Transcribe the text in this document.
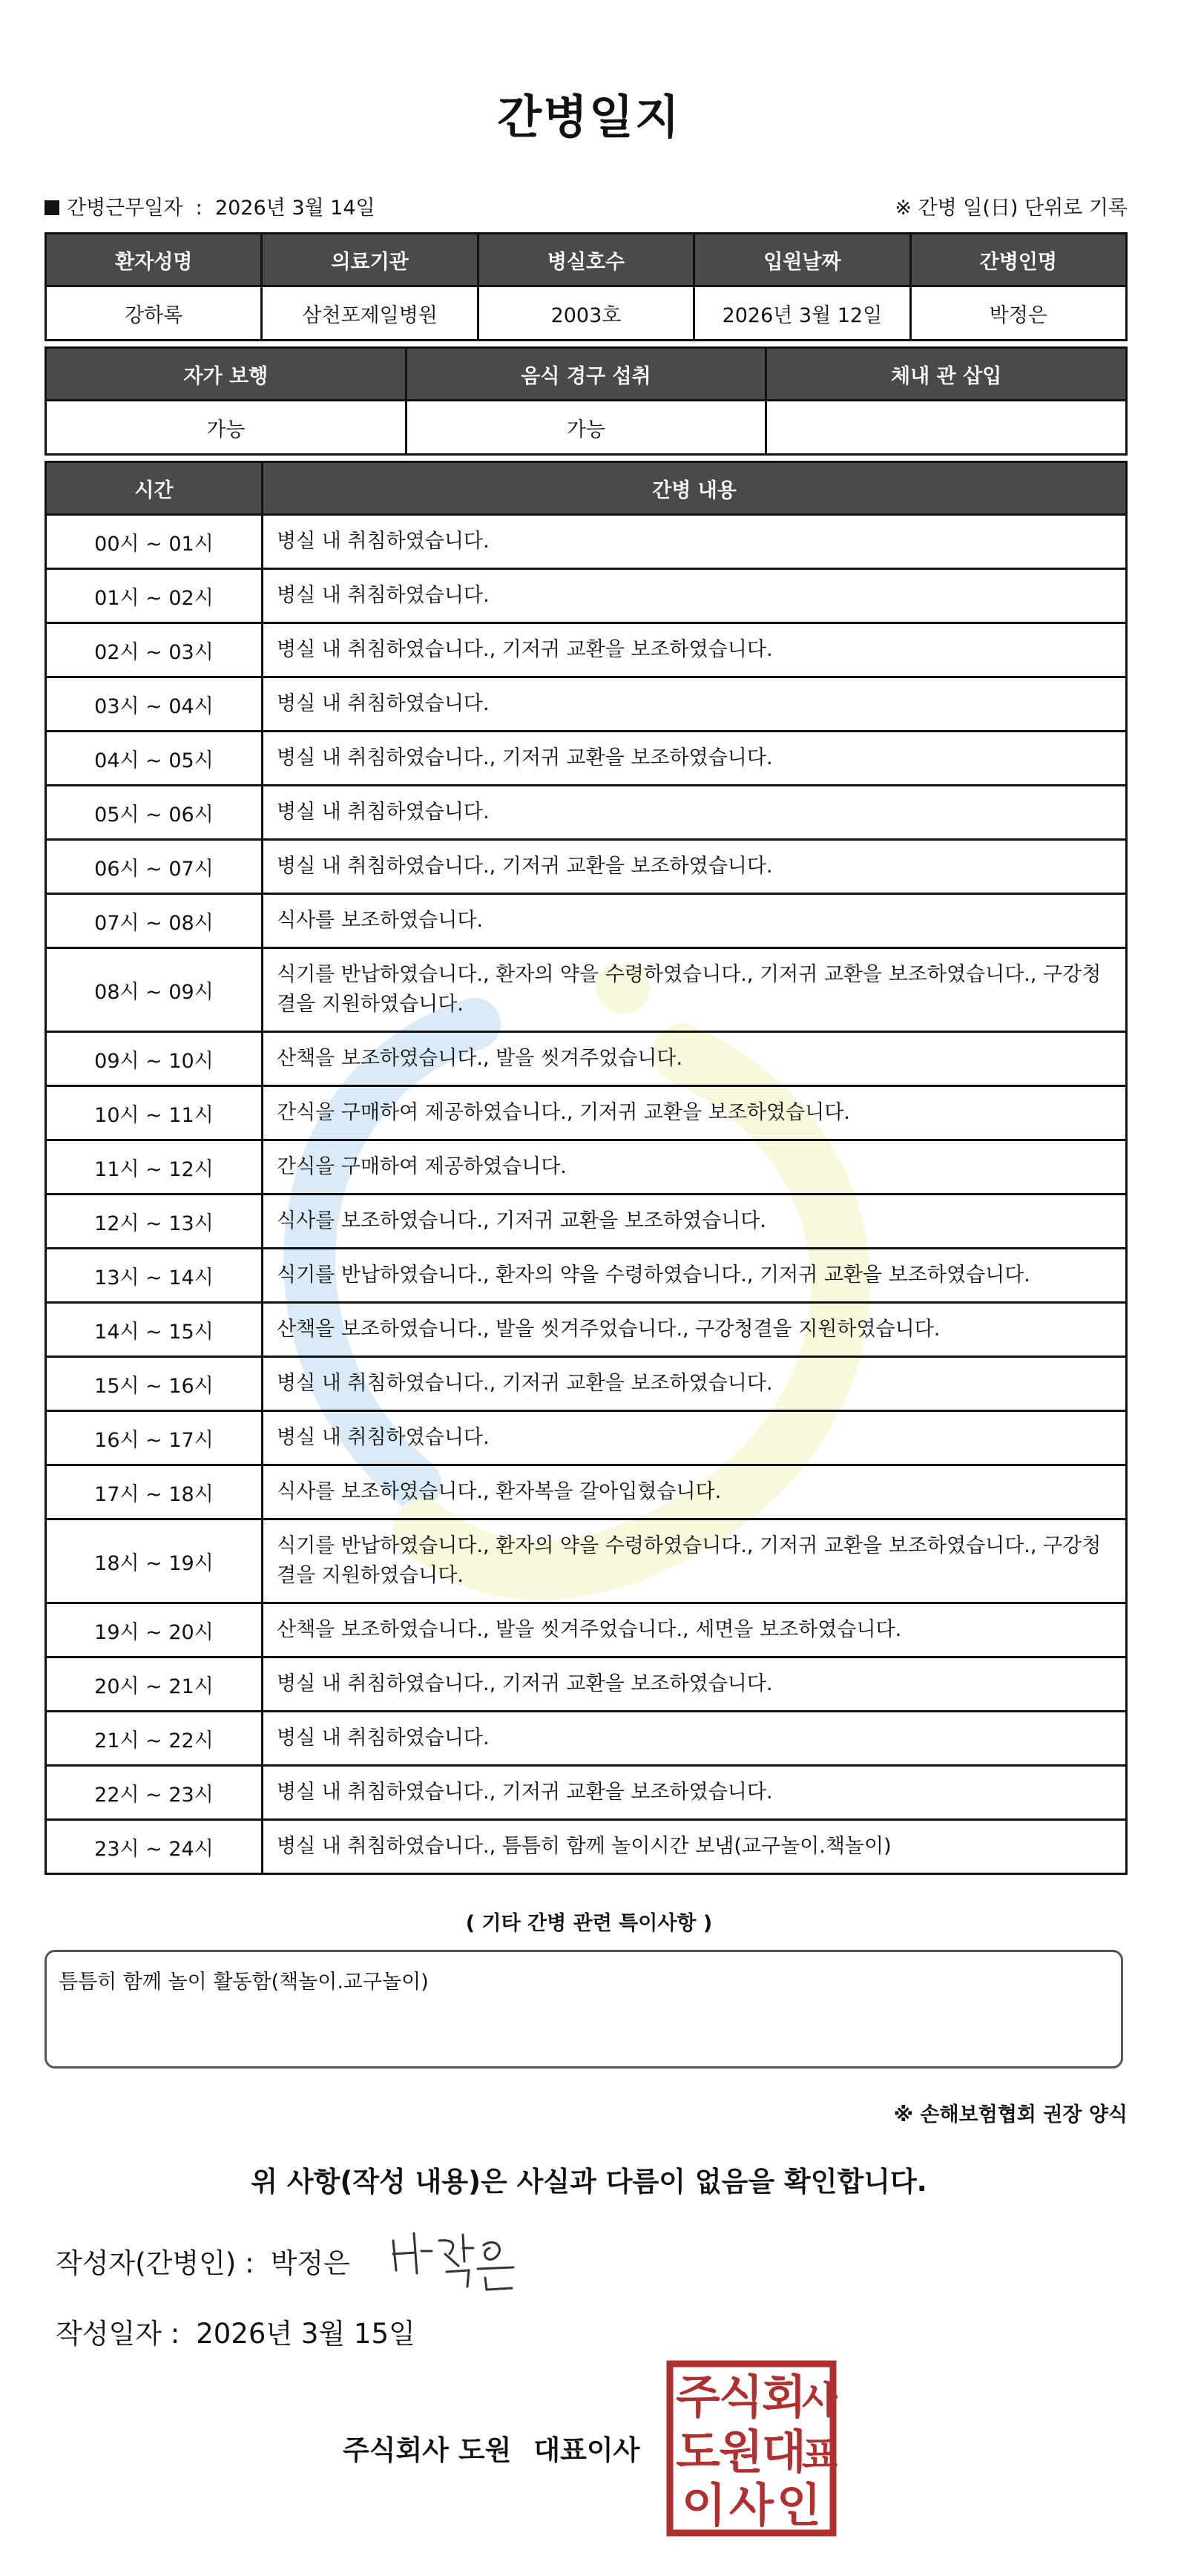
간병일지
간병근무일자  :  2026년 3월 14일	※ 간병 일(日) 단위로 기록
환자성명	의료기관	병실호수	입원날짜	간병인명
강하록	삼천포제일병원	2003호	2026년 3월 12일	박정은
자가 보행	음식 경구 섭취	체내 관 삽입
가능	가능	
시간	간병 내용
00시 ~ 01시	병실 내 취침하였습니다.
01시 ~ 02시	병실 내 취침하였습니다.
02시 ~ 03시	병실 내 취침하였습니다., 기저귀 교환을 보조하였습니다.
03시 ~ 04시	병실 내 취침하였습니다.
04시 ~ 05시	병실 내 취침하였습니다., 기저귀 교환을 보조하였습니다.
05시 ~ 06시	병실 내 취침하였습니다.
06시 ~ 07시	병실 내 취침하였습니다., 기저귀 교환을 보조하였습니다.
07시 ~ 08시	식사를 보조하였습니다.
08시 ~ 09시	식기를 반납하였습니다., 환자의 약을 수령하였습니다., 기저귀 교환을 보조하였습니다., 구강청결을 지원하였습니다.
09시 ~ 10시	산책을 보조하였습니다., 발을 씻겨주었습니다.
10시 ~ 11시	간식을 구매하여 제공하였습니다., 기저귀 교환을 보조하였습니다.
11시 ~ 12시	간식을 구매하여 제공하였습니다.
12시 ~ 13시	식사를 보조하였습니다., 기저귀 교환을 보조하였습니다.
13시 ~ 14시	식기를 반납하였습니다., 환자의 약을 수령하였습니다., 기저귀 교환을 보조하였습니다.
14시 ~ 15시	산책을 보조하였습니다., 발을 씻겨주었습니다., 구강청결을 지원하였습니다.
15시 ~ 16시	병실 내 취침하였습니다., 기저귀 교환을 보조하였습니다.
16시 ~ 17시	병실 내 취침하였습니다.
17시 ~ 18시	식사를 보조하였습니다., 환자복을 갈아입혔습니다.
18시 ~ 19시	식기를 반납하였습니다., 환자의 약을 수령하였습니다., 기저귀 교환을 보조하였습니다., 구강청결을 지원하였습니다.
19시 ~ 20시	산책을 보조하였습니다., 발을 씻겨주었습니다., 세면을 보조하였습니다.
20시 ~ 21시	병실 내 취침하였습니다., 기저귀 교환을 보조하였습니다.
21시 ~ 22시	병실 내 취침하였습니다.
22시 ~ 23시	병실 내 취침하였습니다., 기저귀 교환을 보조하였습니다.
23시 ~ 24시	병실 내 취침하였습니다., 틈틈히 함께 놀이시간 보냄(교구놀이.책놀이)
( 기타 간병 관련 특이사항 )
틈틈히 함께 놀이 활동함(책놀이.교구놀이)
※ 손해보험협회 권장 양식
위 사항(작성 내용)은 사실과 다름이 없음을 확인합니다.
작성자(간병인) : 박정은
작성일자 : 2026년 3월 15일
주식회사 도원 대표이사
주
식
회
사
도
원
대
표
이 사 인
